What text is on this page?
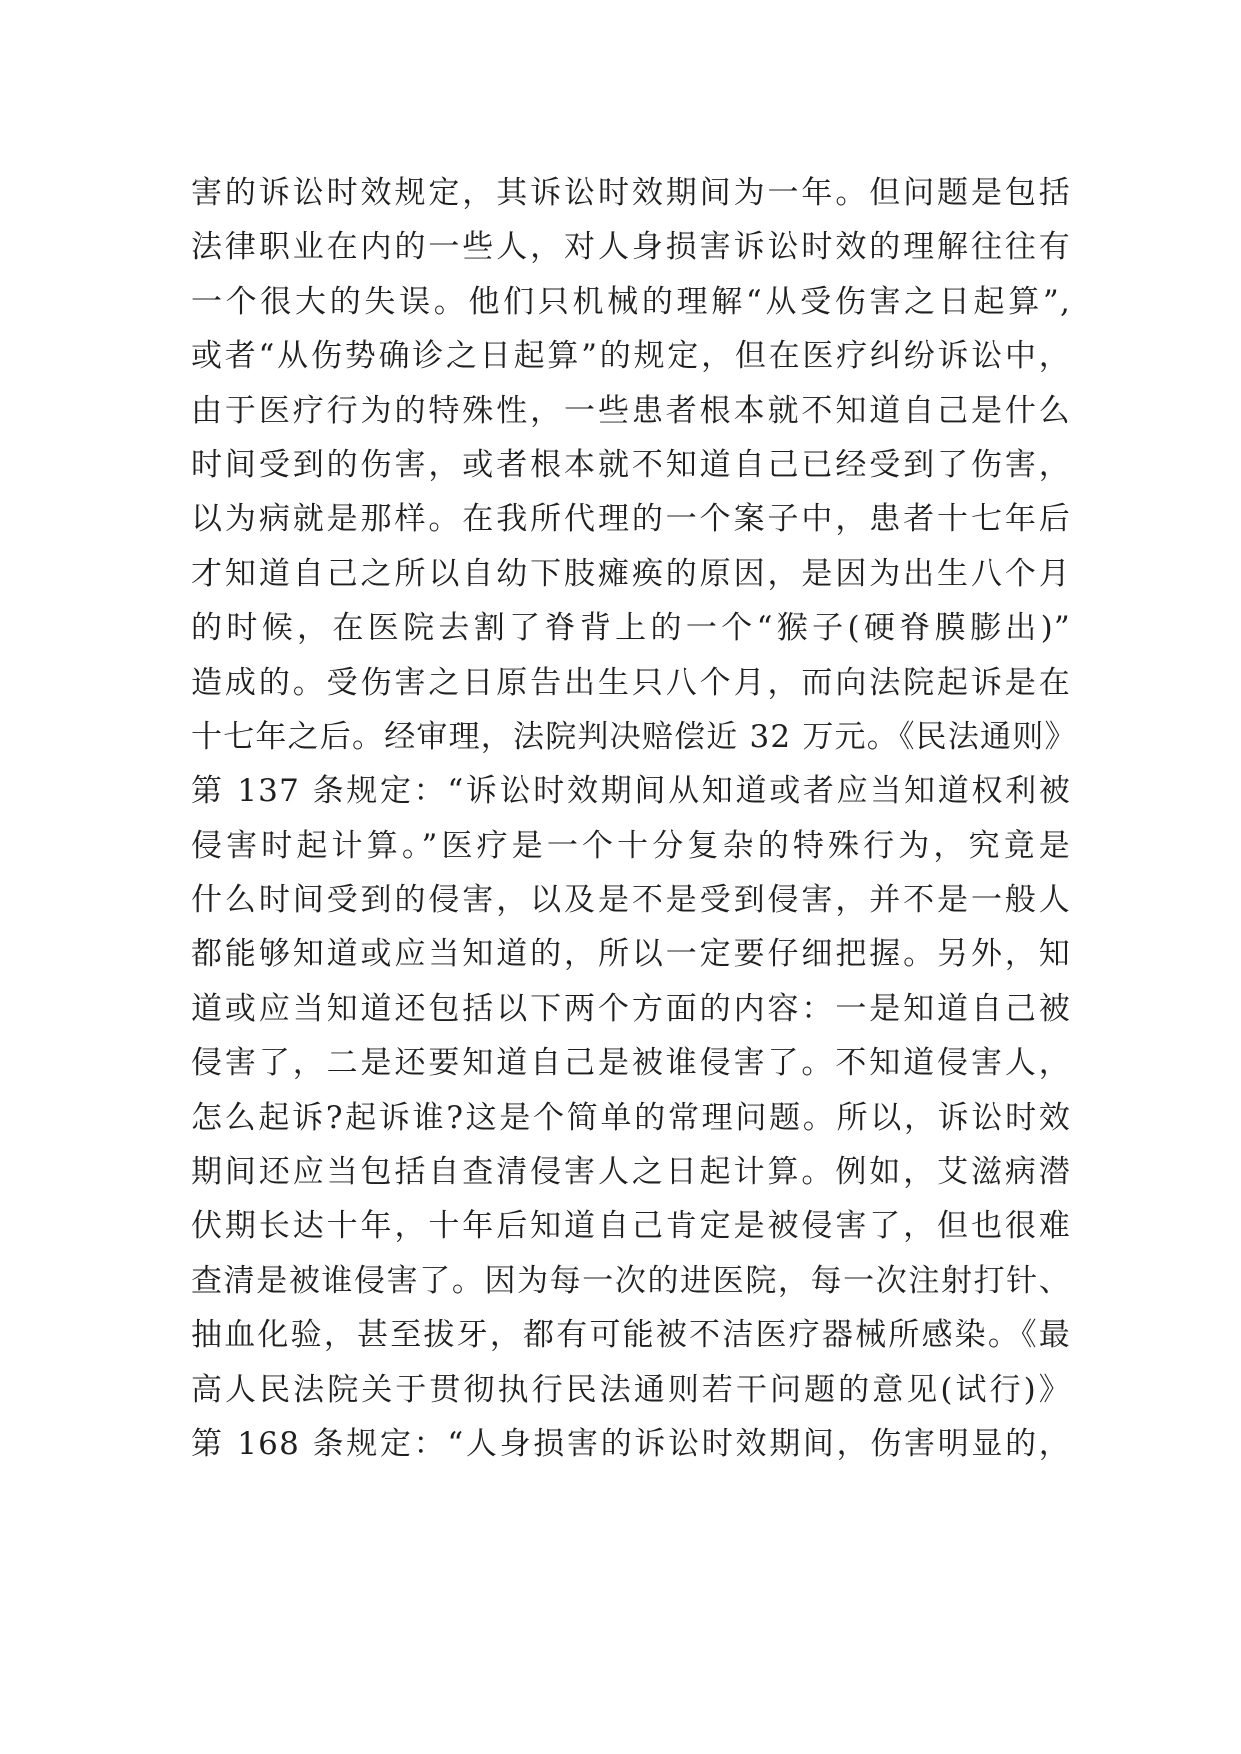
害的诉讼时效规定，其诉讼时效期间为一年。但问题是包括
法律职业在内的一些人，对人身损害诉讼时效的理解往往有
一个很大的失误。他们只机械的理解“从受伤害之日起算”,
或者“从伤势确诊之日起算”的规定，但在医疗纠纷诉讼中，
由于医疗行为的特殊性，一些患者根本就不知道自己是什么
时间受到的伤害，或者根本就不知道自己已经受到了伤害，
以为病就是那样。在我所代理的一个案子中，患者十七年后
才知道自己之所以自幼下肢瘫痪的原因，是因为出生八个月
的时候，在医院去割了脊背上的一个“猴子(硬脊膜膨出)”
造成的。受伤害之日原告出生只八个月，而向法院起诉是在
十七年之后。经审理，法院判决赔偿近 32 万元。《民法通则》
第 137 条规定：“诉讼时效期间从知道或者应当知道权利被
侵害时起计算。”医疗是一个十分复杂的特殊行为，究竟是
什么时间受到的侵害，以及是不是受到侵害，并不是一般人
都能够知道或应当知道的，所以一定要仔细把握。另外，知
道或应当知道还包括以下两个方面的内容：一是知道自己被
侵害了，二是还要知道自己是被谁侵害了。不知道侵害人，
怎么起诉?起诉谁?这是个简单的常理问题。所以，诉讼时效
期间还应当包括自查清侵害人之日起计算。例如，艾滋病潜
伏期长达十年，十年后知道自己肯定是被侵害了，但也很难
查清是被谁侵害了。因为每一次的进医院，每一次注射打针、
抽血化验，甚至拔牙，都有可能被不洁医疗器械所感染。《最
高人民法院关于贯彻执行民法通则若干问题的意见(试行)》
第 168 条规定：“人身损害的诉讼时效期间，伤害明显的，
